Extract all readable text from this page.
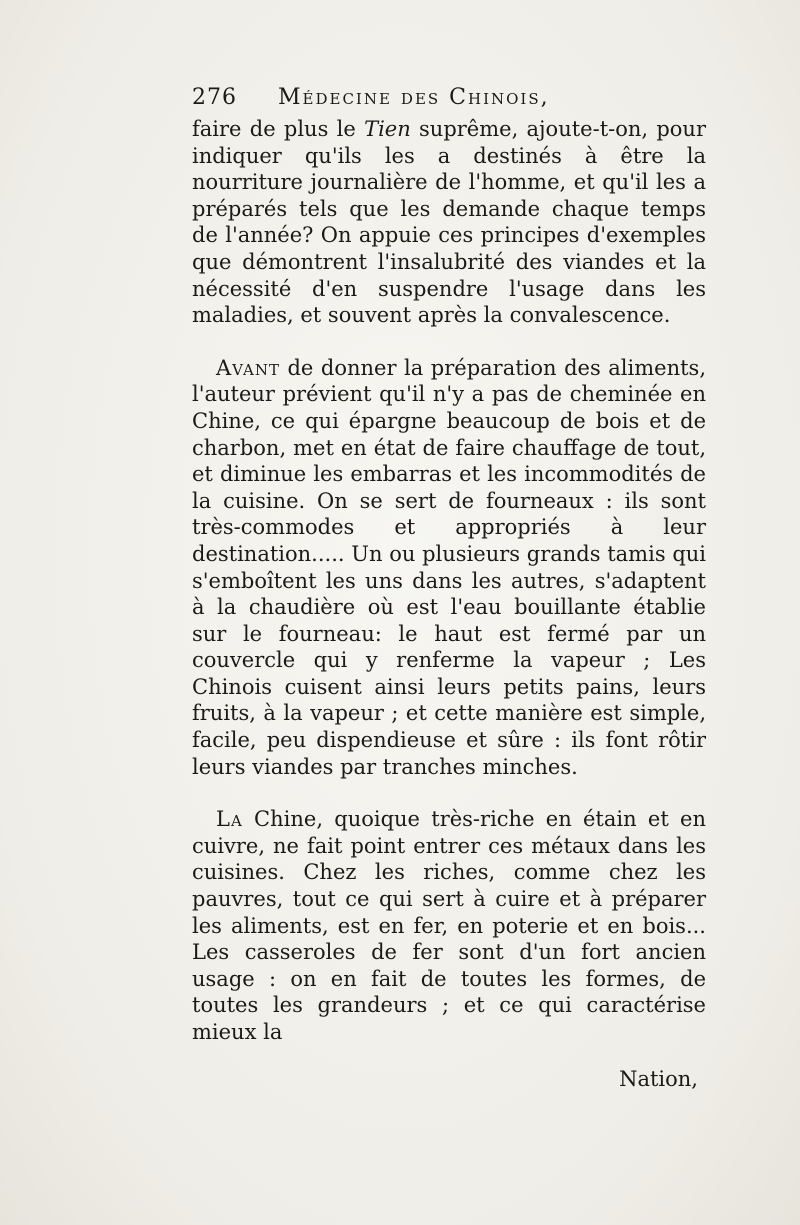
276 Médecine des Chinois,

faire de plus le Tien suprême, ajoute-t-on, pour indiquer qu'ils les a destinés à être la nourriture journalière de l'homme, et qu'il les a préparés tels que les demande chaque temps de l'année? On appuie ces principes d'exemples que démontrent l'insalubrité des viandes et la nécessité d'en suspendre l'usage dans les maladies, et souvent après la convalescence.

Avant de donner la préparation des aliments, l'auteur prévient qu'il n'y a pas de cheminée en Chine, ce qui épargne beaucoup de bois et de charbon, met en état de faire chauffage de tout, et diminue les embarras et les incommodités de la cuisine. On se sert de fourneaux : ils sont très-commodes et appropriés à leur destination..... Un ou plusieurs grands tamis qui s'emboîtent les uns dans les autres, s'adaptent à la chaudière où est l'eau bouillante établie sur le fourneau: le haut est fermé par un couvercle qui y renferme la vapeur ; Les Chinois cuisent ainsi leurs petits pains, leurs fruits, à la vapeur ; et cette manière est simple, facile, peu dispendieuse et sûre : ils font rôtir leurs viandes par tranches minches.

La Chine, quoique très-riche en étain et en cuivre, ne fait point entrer ces métaux dans les cuisines. Chez les riches, comme chez les pauvres, tout ce qui sert à cuire et à préparer les aliments, est en fer, en poterie et en bois... Les casseroles de fer sont d'un fort ancien usage : on en fait de toutes les formes, de toutes les grandeurs ; et ce qui caractérise mieux la

Nation,
